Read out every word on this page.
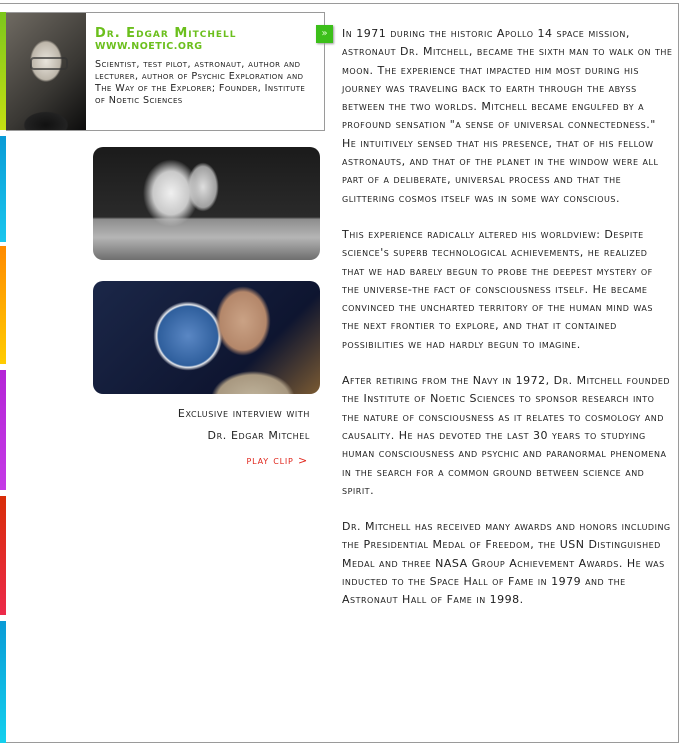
Dr. Edgar Mitchell
WWW.NOETIC.ORG
Scientist, test pilot, astronaut, author and lecturer, author of Psychic Exploration and The Way of the Explorer; Founder, Institute of Noetic Sciences
»
Exclusive interview with
Dr. Edgar Mitchel
play clip >

In 1971 during the historic Apollo 14 space mission, astronaut Dr. Mitchell, became the sixth man to walk on the moon. The experience that impacted him most during his journey was traveling back to earth through the abyss between the two worlds. Mitchell became engulfed by a profound sensation "a sense of universal connectedness." He intuitively sensed that his presence, that of his fellow astronauts, and that of the planet in the window were all part of a deliberate, universal process and that the glittering cosmos itself was in some way conscious.

This experience radically altered his worldview: Despite science's superb technological achievements, he realized that we had barely begun to probe the deepest mystery of the universe-the fact of consciousness itself. He became convinced the uncharted territory of the human mind was the next frontier to explore, and that it contained possibilities we had hardly begun to imagine.

After retiring from the Navy in 1972, Dr. Mitchell founded the Institute of Noetic Sciences to sponsor research into the nature of consciousness as it relates to cosmology and causality. He has devoted the last 30 years to studying human consciousness and psychic and paranormal phenomena in the search for a common ground between science and spirit.

Dr. Mitchell has received many awards and honors including the Presidential Medal of Freedom, the USN Distinguished Medal and three NASA Group Achievement Awards. He was inducted to the Space Hall of Fame in 1979 and the Astronaut Hall of Fame in 1998.
